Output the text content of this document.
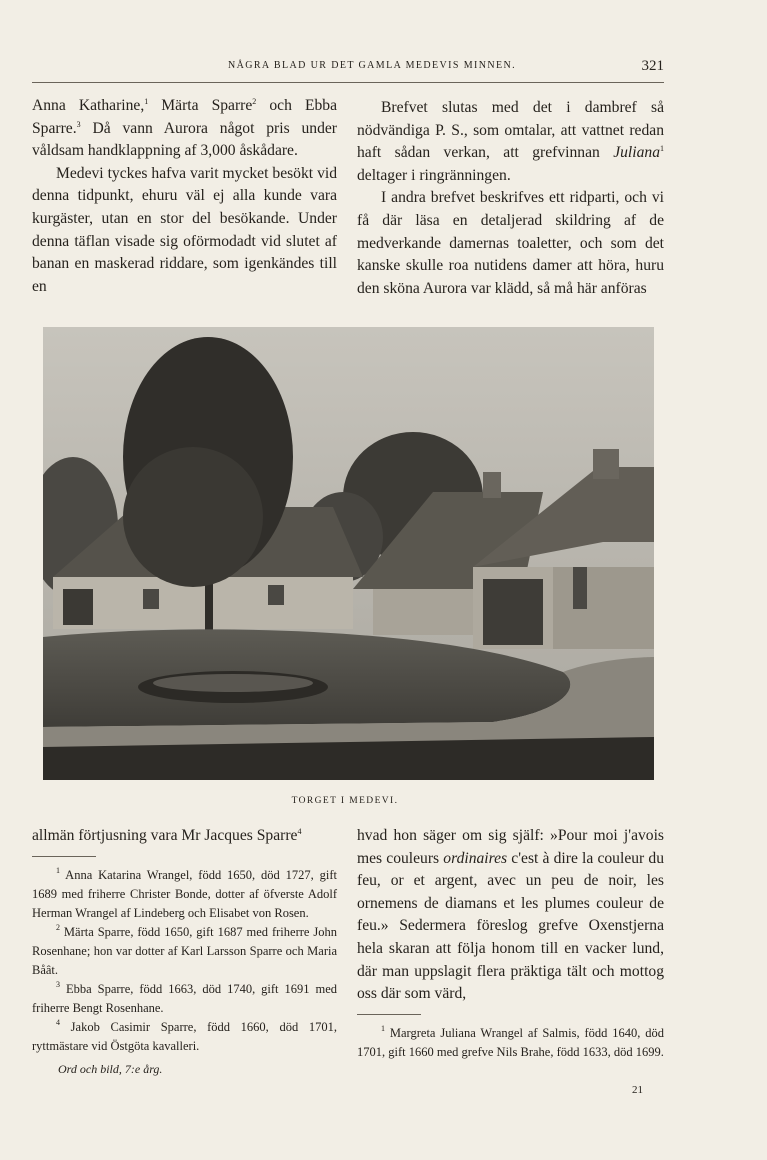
NÅGRA BLAD UR DET GAMLA MEDEVIS MINNEN.	321

Anna Katharine,$^1$ Märta Sparre$^2$ och Ebba Sparre.$^3$ Då vann Aurora något pris under våldsam handklappning af 3,000 åskådare.

Medevi tyckes hafva varit mycket besökt vid denna tidpunkt, ehuru väl ej alla kunde vara kurgäster, utan en stor del besökande. Under denna täflan visade sig oförmodadt vid slutet af banan en maskerad riddare, som igenkändes till en

Brefvet slutas med det i dambref så nödvändiga P. S., som omtalar, att vattnet redan haft sådan verkan, att grefvinnan Juliana$^1$ deltager i ringränningen.

I andra brefvet beskrifves ett ridparti, och vi få där läsa en detaljerad skildring af de medverkande damernas toaletter, och som det kanske skulle roa nutidens damer att höra, huru den sköna Aurora var klädd, så må här anföras

TORGET I MEDEVI.

allmän förtjusning vara Mr Jacques Sparre$^4$

$^1$ Anna Katarina Wrangel, född 1650, död 1727, gift 1689 med friherre Christer Bonde, dotter af öfverste Adolf Herman Wrangel af Lindeberg och Elisabet von Rosen.

$^2$ Märta Sparre, född 1650, gift 1687 med friherre John Rosenhane; hon var dotter af Karl Larsson Sparre och Maria Båât.

$^3$ Ebba Sparre, född 1663, död 1740, gift 1691 med friherre Bengt Rosenhane.

$^4$ Jakob Casimir Sparre, född 1660, död 1701, ryttmästare vid Östgöta kavalleri.

Ord och bild, 7:e årg.

hvad hon säger om sig själf: »Pour moi j'avois mes couleurs ordinaires c'est à dire la couleur du feu, or et argent, avec un peu de noir, les ornemens de diamans et les plumes couleur de feu.» Sedermera föreslog grefve Oxenstjerna hela skaran att följa honom till en vacker lund, där man uppslagit flera präktiga tält och mottog oss där som värd,

$^1$ Margreta Juliana Wrangel af Salmis, född 1640, död 1701, gift 1660 med grefve Nils Brahe, född 1633, död 1699.

21
